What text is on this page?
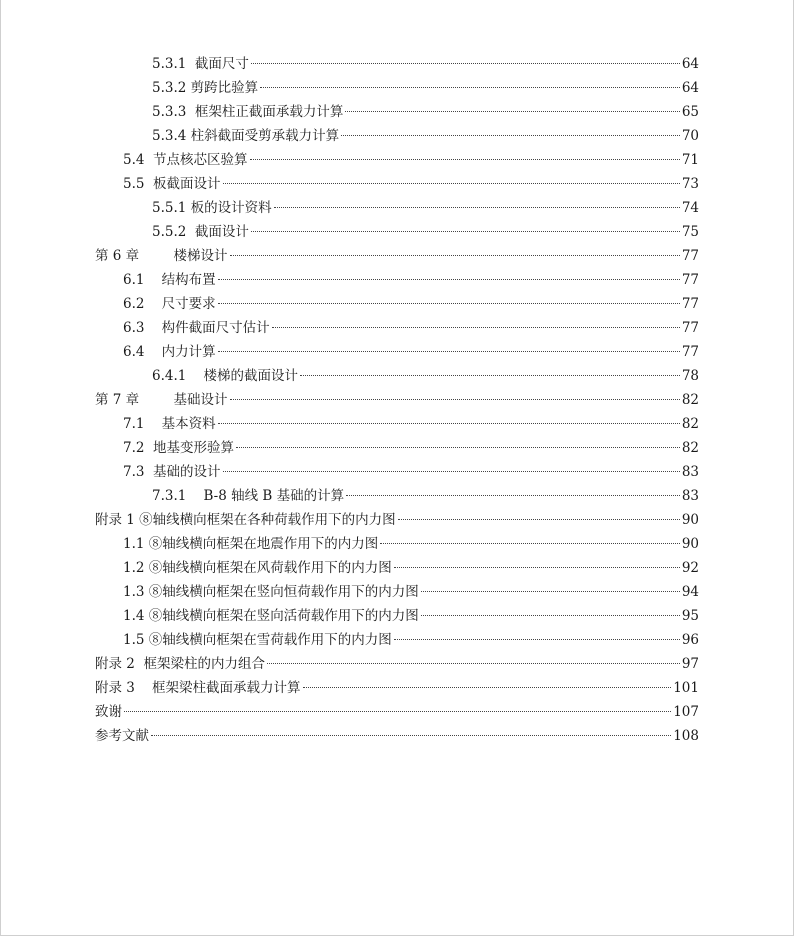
5.3.1  截面尺寸	64
5.3.2 剪跨比验算	64
5.3.3  框架柱正截面承载力计算	65
5.3.4 柱斜截面受剪承载力计算	70
5.4  节点核芯区验算	71
5.5  板截面设计	73
5.5.1 板的设计资料	74
5.5.2  截面设计	75
第 6 章        楼梯设计	77
6.1    结构布置	77
6.2    尺寸要求	77
6.3    构件截面尺寸估计	77
6.4    内力计算	77
6.4.1    楼梯的截面设计	78
第 7 章        基础设计	82
7.1    基本资料	82
7.2  地基变形验算	82
7.3  基础的设计	83
7.3.1    B-8 轴线 B 基础的计算	83
附录 1 ⑧轴线横向框架在各种荷载作用下的内力图	90
1.1 ⑧轴线横向框架在地震作用下的内力图	90
1.2 ⑧轴线横向框架在风荷载作用下的内力图	92
1.3 ⑧轴线横向框架在竖向恒荷载作用下的内力图	94
1.4 ⑧轴线横向框架在竖向活荷载作用下的内力图	95
1.5 ⑧轴线横向框架在雪荷载作用下的内力图	96
附录 2  框架梁柱的内力组合	97
附录 3    框架梁柱截面承载力计算	101
致谢	107
参考文献	108
